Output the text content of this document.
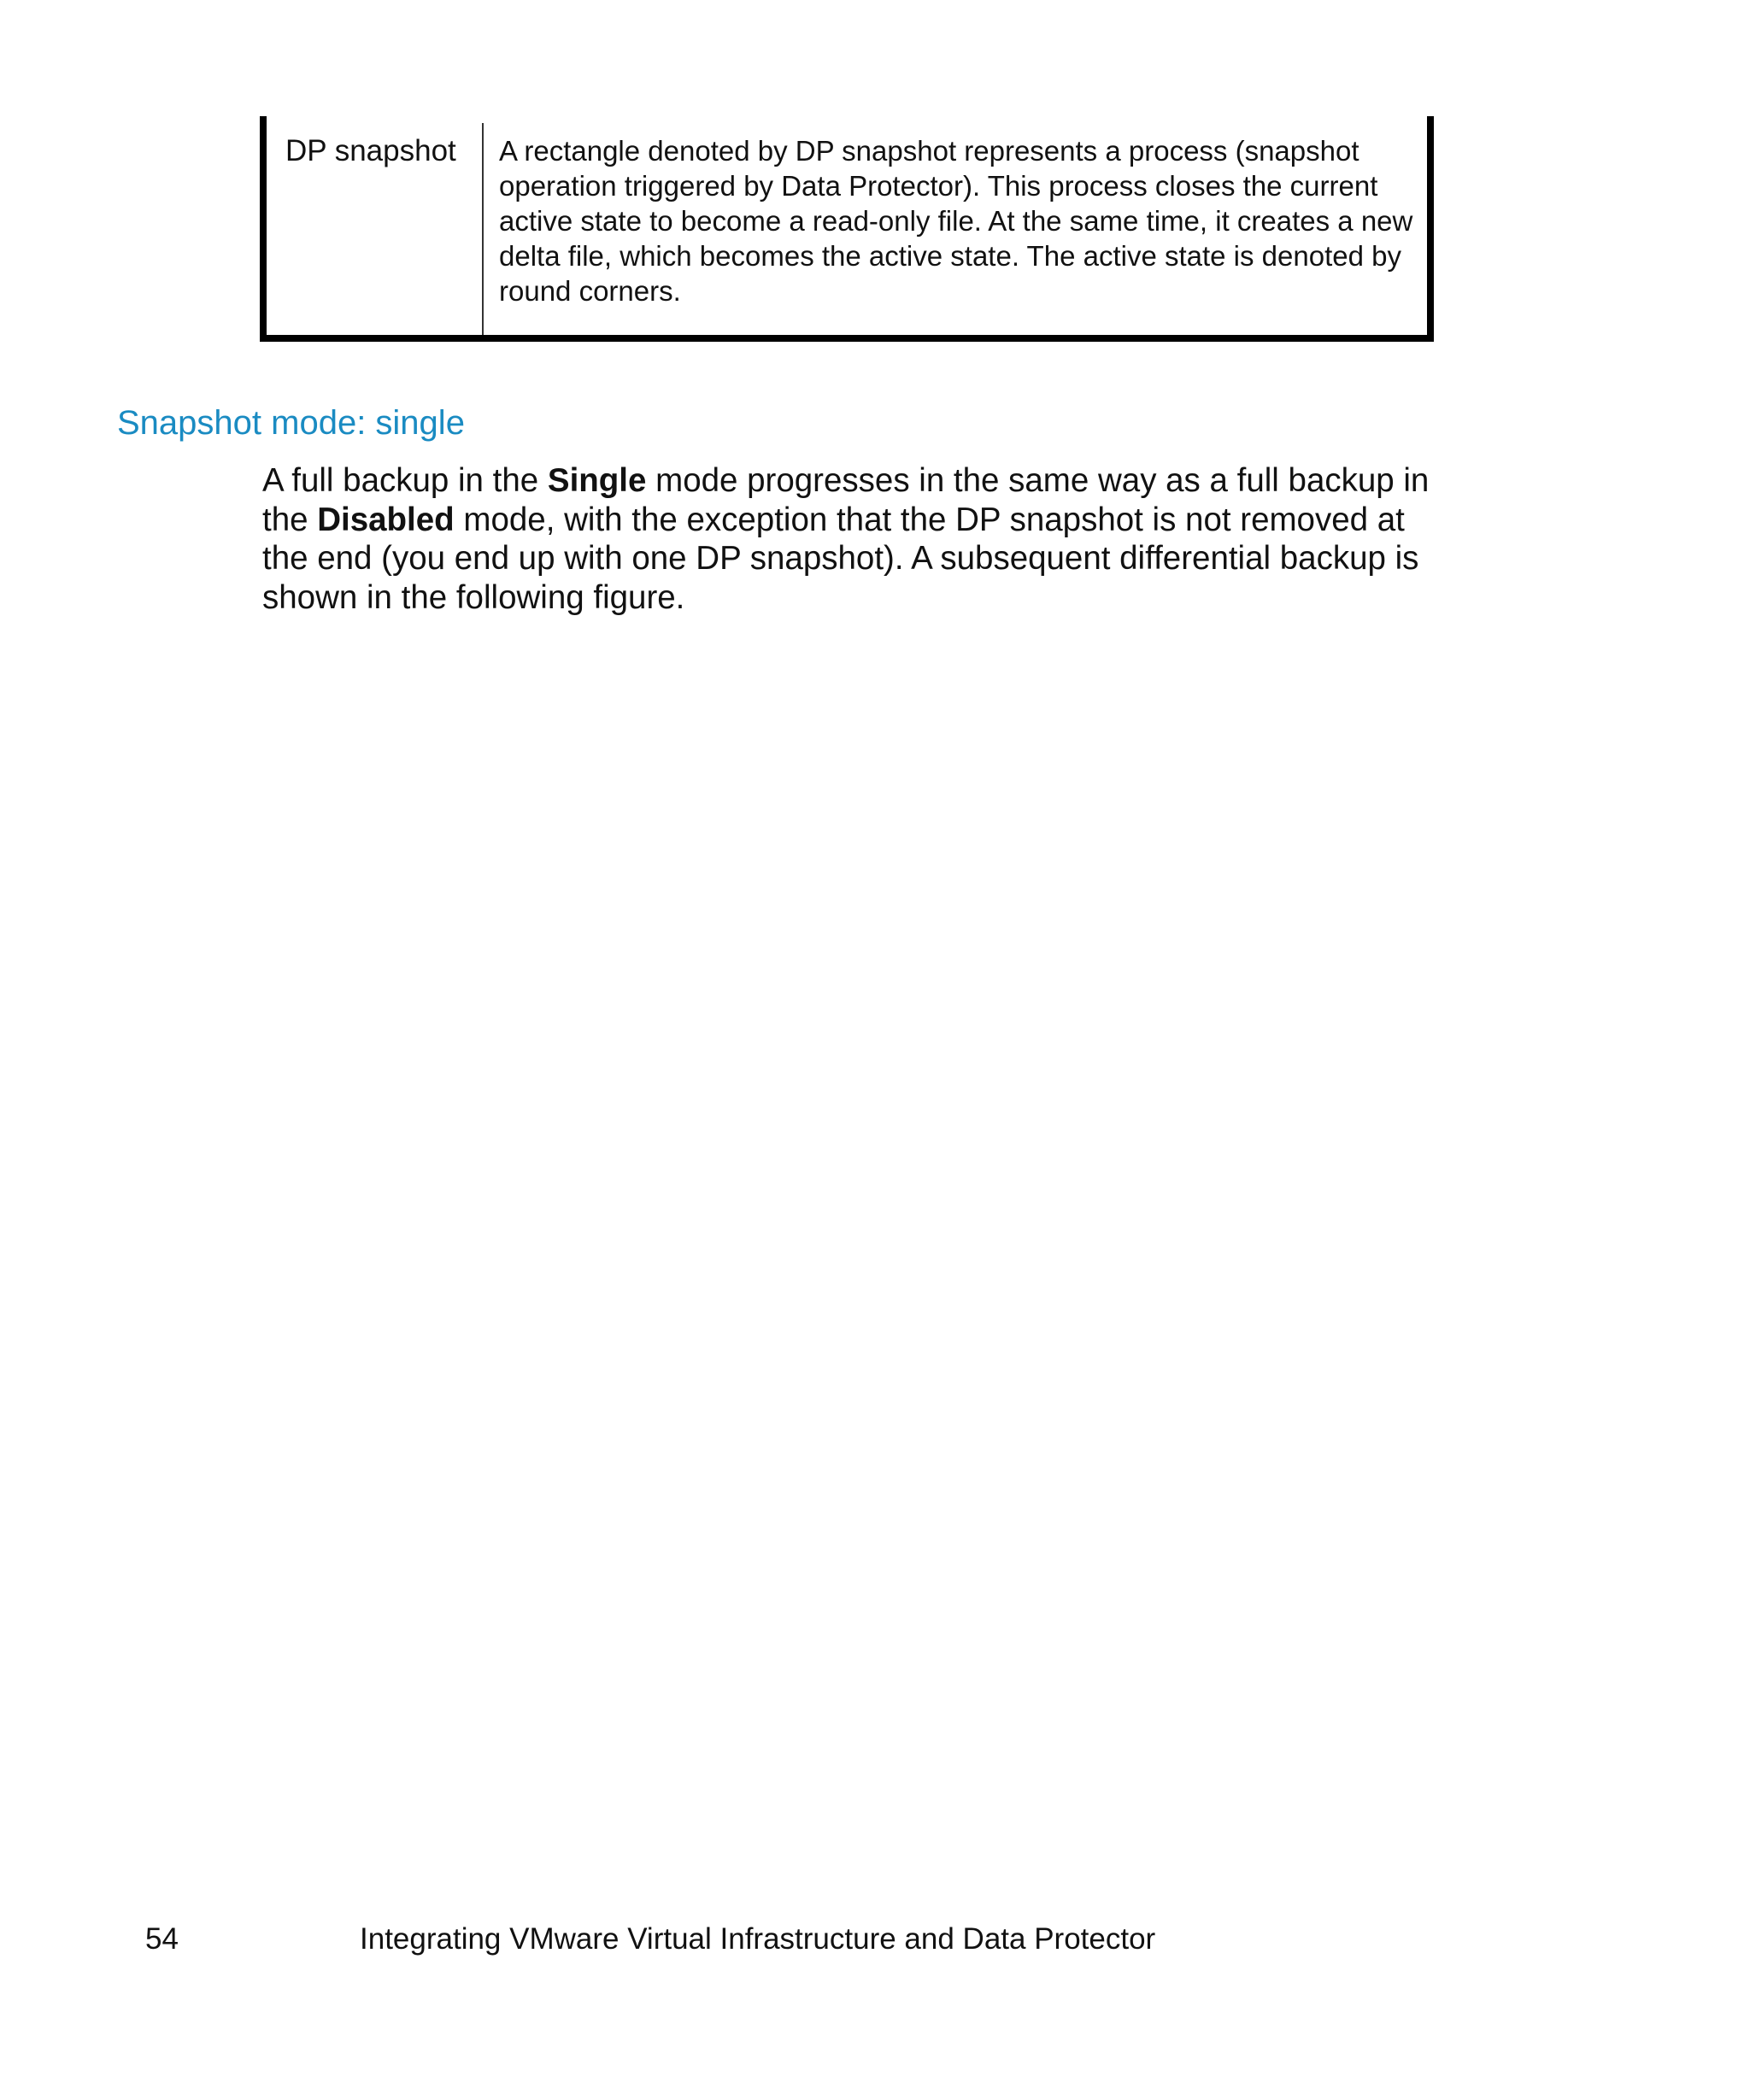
DP snapshot A rectangle denoted by DP snapshot represents a process (snapshot operation triggered by Data Protector). This process closes the current active state to become a read-only file. At the same time, it creates a new delta file, which becomes the active state. The active state is denoted by round corners.

Snapshot mode: single

A full backup in the Single mode progresses in the same way as a full backup in the Disabled mode, with the exception that the DP snapshot is not removed at the end (you end up with one DP snapshot). A subsequent differential backup is shown in the following figure.

54	Integrating VMware Virtual Infrastructure and Data Protector
